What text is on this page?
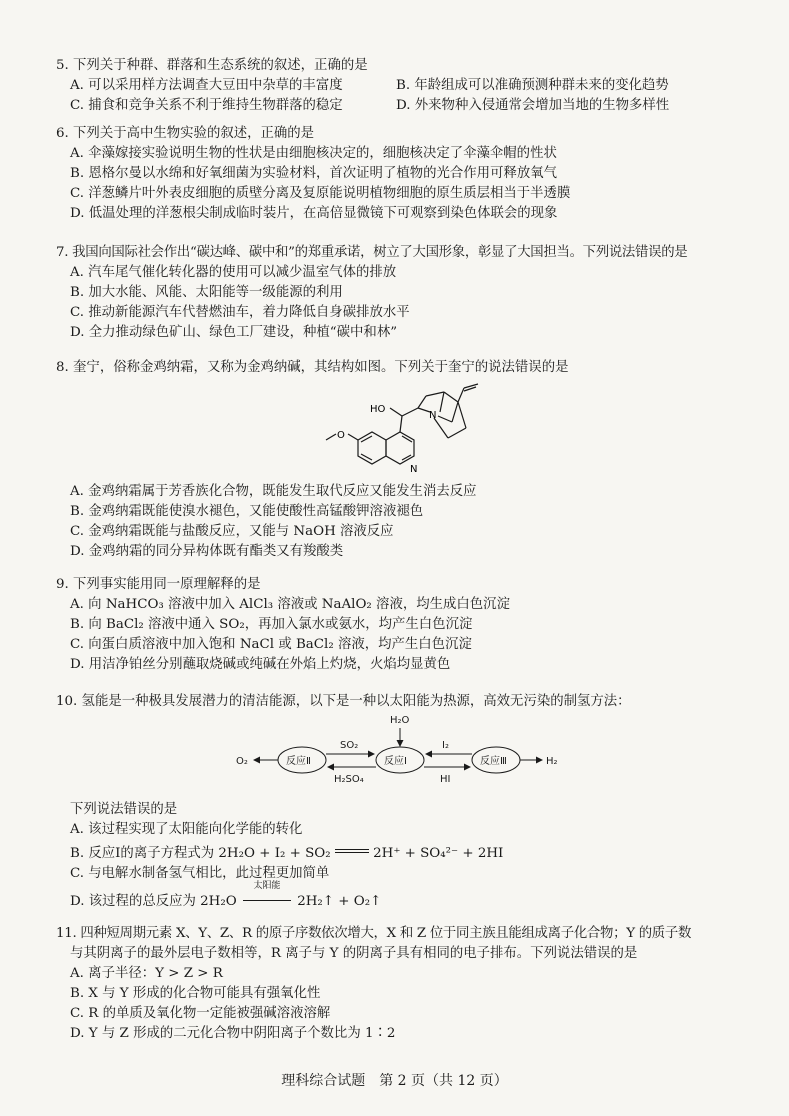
5. 下列关于种群、群落和生态系统的叙述，正确的是

A. 可以采用样方法调查大豆田中杂草的丰富度	B. 年龄组成可以准确预测种群未来的变化趋势
C. 捕食和竞争关系不利于维持生物群落的稳定	D. 外来物种入侵通常会增加当地的生物多样性

6. 下列关于高中生物实验的叙述，正确的是

A. 伞藻嫁接实验说明生物的性状是由细胞核决定的，细胞核决定了伞藻伞帽的性状

B. 恩格尔曼以水绵和好氧细菌为实验材料，首次证明了植物的光合作用可释放氧气

C. 洋葱鳞片叶外表皮细胞的质壁分离及复原能说明植物细胞的原生质层相当于半透膜

D. 低温处理的洋葱根尖制成临时装片，在高倍显微镜下可观察到染色体联会的现象

7. 我国向国际社会作出“碳达峰、碳中和”的郑重承诺，树立了大国形象，彰显了大国担当。下列说法错误的是

A. 汽车尾气催化转化器的使用可以减少温室气体的排放

B. 加大水能、风能、太阳能等一级能源的利用

C. 推动新能源汽车代替燃油车，着力降低自身碳排放水平

D. 全力推动绿色矿山、绿色工厂建设，种植“碳中和林”

8. 奎宁，俗称金鸡纳霜，又称为金鸡纳碱，其结构如图。下列关于奎宁的说法错误的是

HO
O
N
N

A. 金鸡纳霜属于芳香族化合物，既能发生取代反应又能发生消去反应

B. 金鸡纳霜既能使溴水褪色，又能使酸性高锰酸钾溶液褪色

C. 金鸡纳霜既能与盐酸反应，又能与 NaOH 溶液反应

D. 金鸡纳霜的同分异构体既有酯类又有羧酸类

9. 下列事实能用同一原理解释的是

A. 向 NaHCO₃ 溶液中加入 AlCl₃ 溶液或 NaAlO₂ 溶液，均生成白色沉淀

B. 向 BaCl₂ 溶液中通入 SO₂，再加入氯水或氨水，均产生白色沉淀

C. 向蛋白质溶液中加入饱和 NaCl 或 BaCl₂ 溶液，均产生白色沉淀

D. 用洁净铂丝分别蘸取烧碱或纯碱在外焰上灼烧，火焰均显黄色

10. 氢能是一种极具发展潜力的清洁能源，以下是一种以太阳能为热源，高效无污染的制氢方法：

H₂O
O₂	H₂
反应Ⅱ	反应Ⅰ	反应Ⅲ
SO₂
H₂SO₄
I₂
HI

下列说法错误的是

A. 该过程实现了太阳能向化学能的转化

B. 反应Ⅰ的离子方程式为 2H₂O + I₂ + SO₂	2H⁺ + SO₄²⁻ + 2HI

C. 与电解水制备氢气相比，此过程更加简单

D. 该过程的总反应为 2H₂O
太阳能
2H₂↑ + O₂↑

11. 四种短周期元素 X、Y、Z、R 的原子序数依次增大，X 和 Z 位于同主族且能组成离子化合物；Y 的质子数

与其阴离子的最外层电子数相等，R 离子与 Y 的阴离子具有相同的电子排布。下列说法错误的是

A. 离子半径：Y > Z > R

B. X 与 Y 形成的化合物可能具有强氧化性

C. R 的单质及氧化物一定能被强碱溶液溶解

D. Y 与 Z 形成的二元化合物中阴阳离子个数比为 1∶2

理科综合试题　第 2 页（共 12 页）
